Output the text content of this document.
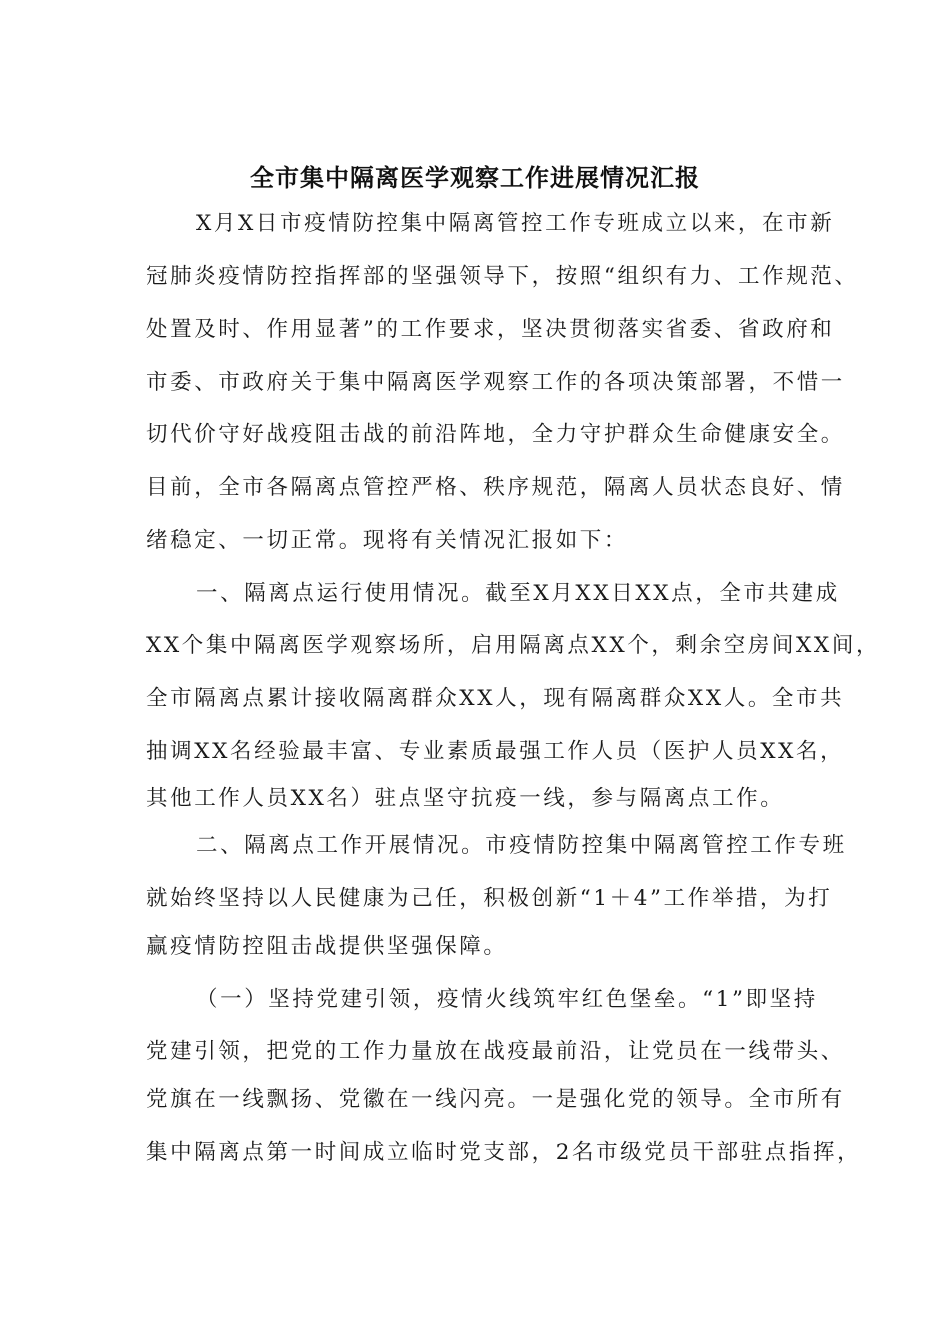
全市集中隔离医学观察工作进展情况汇报
X月X日市疫情防控集中隔离管控工作专班成立以来，在市新
冠肺炎疫情防控指挥部的坚强领导下，按照“组织有力、工作规范、
处置及时、作用显著”的工作要求，坚决贯彻落实省委、省政府和
市委、市政府关于集中隔离医学观察工作的各项决策部署，不惜一
切代价守好战疫阻击战的前沿阵地，全力守护群众生命健康安全。
目前，全市各隔离点管控严格、秩序规范，隔离人员状态良好、情
绪稳定、一切正常。现将有关情况汇报如下：
一、隔离点运行使用情况。截至X月XX日XX点，全市共建成
XX个集中隔离医学观察场所，启用隔离点XX个，剩余空房间XX间，
全市隔离点累计接收隔离群众XX人，现有隔离群众XX人。全市共
抽调XX名经验最丰富、专业素质最强工作人员（医护人员XX名，
其他工作人员XX名）驻点坚守抗疫一线，参与隔离点工作。
二、隔离点工作开展情况。市疫情防控集中隔离管控工作专班
就始终坚持以人民健康为己任，积极创新“1＋4”工作举措，为打
赢疫情防控阻击战提供坚强保障。
（一）坚持党建引领，疫情火线筑牢红色堡垒。“1”即坚持
党建引领，把党的工作力量放在战疫最前沿，让党员在一线带头、
党旗在一线飘扬、党徽在一线闪亮。一是强化党的领导。全市所有
集中隔离点第一时间成立临时党支部，2名市级党员干部驻点指挥，
